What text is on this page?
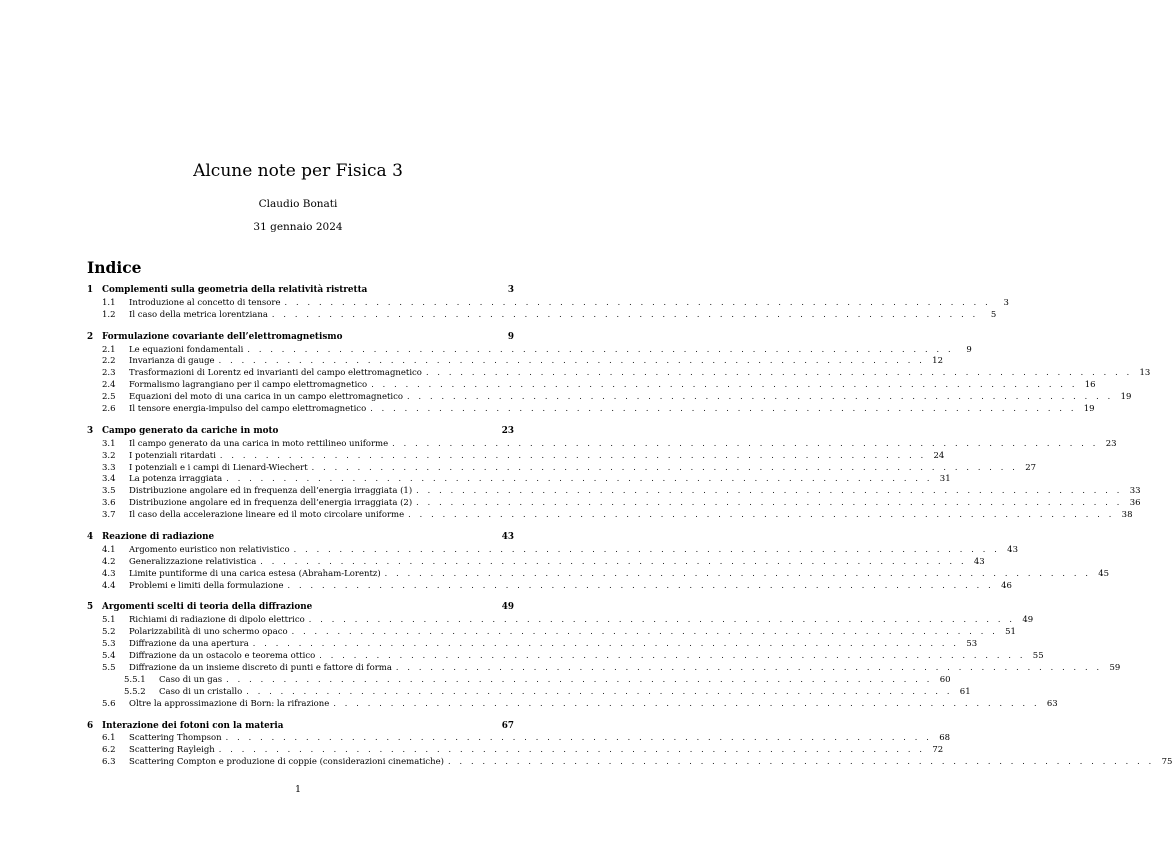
Alcune note per Fisica 3
Claudio Bonati
31 gennaio 2024
Indice
1	Complementi sulla geometria della relatività ristretta	3
1.1	Introduzione al concetto di tensore . . . . . . . . . . . . . . . . . . . . . . . . . . . . . . . . . . . . . . . . . . . . . . . . . . . . . . . . . . . . . .	3
1.2	Il caso della metrica lorentziana . . . . . . . . . . . . . . . . . . . . . . . . . . . . . . . . . . . . . . . . . . . . . . . . . . . . . . . . . . . . . .	5
2	Formulazione covariante dell’elettromagnetismo	9
2.1	Le equazioni fondamentali . . . . . . . . . . . . . . . . . . . . . . . . . . . . . . . . . . . . . . . . . . . . . . . . . . . . . . . . . . . . . .	9
2.2	Invarianza di gauge . . . . . . . . . . . . . . . . . . . . . . . . . . . . . . . . . . . . . . . . . . . . . . . . . . . . . . . . . . . . . . 12
2.3	Trasformazioni di Lorentz ed invarianti del campo elettromagnetico . . . . . . . . . . . . . . . . . . . . . . . . . . . . . . . . . . . . . . . . . . . . . . . . . . . . . . . . . . . . . . 13
2.4	Formalismo lagrangiano per il campo elettromagnetico . . . . . . . . . . . . . . . . . . . . . . . . . . . . . . . . . . . . . . . . . . . . . . . . . . . . . . . . . . . . . . 16
2.5	Equazioni del moto di una carica in un campo elettromagnetico . . . . . . . . . . . . . . . . . . . . . . . . . . . . . . . . . . . . . . . . . . . . . . . . . . . . . . . . . . . . . . 19
2.6	Il tensore energia-impulso del campo elettromagnetico . . . . . . . . . . . . . . . . . . . . . . . . . . . . . . . . . . . . . . . . . . . . . . . . . . . . . . . . . . . . . . 19
3	Campo generato da cariche in moto	23
3.1	Il campo generato da una carica in moto rettilineo uniforme . . . . . . . . . . . . . . . . . . . . . . . . . . . . . . . . . . . . . . . . . . . . . . . . . . . . . . . . . . . . . . 23
3.2	I potenziali ritardati . . . . . . . . . . . . . . . . . . . . . . . . . . . . . . . . . . . . . . . . . . . . . . . . . . . . . . . . . . . . . . 24
3.3	I potenziali e i campi di Lienard-Wiechert . . . . . . . . . . . . . . . . . . . . . . . . . . . . . . . . . . . . . . . . . . . . . . . . . . . . . . . . . . . . . . 27
3.4	La potenza irraggiata . . . . . . . . . . . . . . . . . . . . . . . . . . . . . . . . . . . . . . . . . . . . . . . . . . . . . . . . . . . . . . 31
3.5	Distribuzione angolare ed in frequenza dell’energia irraggiata (1) . . . . . . . . . . . . . . . . . . . . . . . . . . . . . . . . . . . . . . . . . . . . . . . . . . . . . . . . . . . . . . 33
3.6	Distribuzione angolare ed in frequenza dell’energia irraggiata (2) . . . . . . . . . . . . . . . . . . . . . . . . . . . . . . . . . . . . . . . . . . . . . . . . . . . . . . . . . . . . . . 36
3.7	Il caso della accelerazione lineare ed il moto circolare uniforme . . . . . . . . . . . . . . . . . . . . . . . . . . . . . . . . . . . . . . . . . . . . . . . . . . . . . . . . . . . . . . 38
4	Reazione di radiazione	43
4.1	Argomento euristico non relativistico . . . . . . . . . . . . . . . . . . . . . . . . . . . . . . . . . . . . . . . . . . . . . . . . . . . . . . . . . . . . . . 43
4.2	Generalizzazione relativistica . . . . . . . . . . . . . . . . . . . . . . . . . . . . . . . . . . . . . . . . . . . . . . . . . . . . . . . . . . . . . . 43
4.3	Limite puntiforme di una carica estesa (Abraham-Lorentz) . . . . . . . . . . . . . . . . . . . . . . . . . . . . . . . . . . . . . . . . . . . . . . . . . . . . . . . . . . . . . . 45
4.4	Problemi e limiti della formulazione . . . . . . . . . . . . . . . . . . . . . . . . . . . . . . . . . . . . . . . . . . . . . . . . . . . . . . . . . . . . . . 46
5	Argomenti scelti di teoria della diffrazione	49
5.1	Richiami di radiazione di dipolo elettrico . . . . . . . . . . . . . . . . . . . . . . . . . . . . . . . . . . . . . . . . . . . . . . . . . . . . . . . . . . . . . . 49
5.2	Polarizzabilità di uno schermo opaco . . . . . . . . . . . . . . . . . . . . . . . . . . . . . . . . . . . . . . . . . . . . . . . . . . . . . . . . . . . . . . 51
5.3	Diffrazione da una apertura . . . . . . . . . . . . . . . . . . . . . . . . . . . . . . . . . . . . . . . . . . . . . . . . . . . . . . . . . . . . . . 53
5.4	Diffrazione da un ostacolo e teorema ottico . . . . . . . . . . . . . . . . . . . . . . . . . . . . . . . . . . . . . . . . . . . . . . . . . . . . . . . . . . . . . . 55
5.5	Diffrazione da un insieme discreto di punti e fattore di forma . . . . . . . . . . . . . . . . . . . . . . . . . . . . . . . . . . . . . . . . . . . . . . . . . . . . . . . . . . . . . . 59
5.5.1	Caso di un gas . . . . . . . . . . . . . . . . . . . . . . . . . . . . . . . . . . . . . . . . . . . . . . . . . . . . . . . . . . . . . . 60
5.5.2	Caso di un cristallo . . . . . . . . . . . . . . . . . . . . . . . . . . . . . . . . . . . . . . . . . . . . . . . . . . . . . . . . . . . . . . 61
5.6	Oltre la approssimazione di Born: la rifrazione . . . . . . . . . . . . . . . . . . . . . . . . . . . . . . . . . . . . . . . . . . . . . . . . . . . . . . . . . . . . . . 63
6	Interazione dei fotoni con la materia	67
6.1	Scattering Thompson . . . . . . . . . . . . . . . . . . . . . . . . . . . . . . . . . . . . . . . . . . . . . . . . . . . . . . . . . . . . . . 68
6.2	Scattering Rayleigh . . . . . . . . . . . . . . . . . . . . . . . . . . . . . . . . . . . . . . . . . . . . . . . . . . . . . . . . . . . . . . 72
6.3	Scattering Compton e produzione di coppie (considerazioni cinematiche) . . . . . . . . . . . . . . . . . . . . . . . . . . . . . . . . . . . . . . . . . . . . . . . . . . . . . . . . . . . . . . 75
1
